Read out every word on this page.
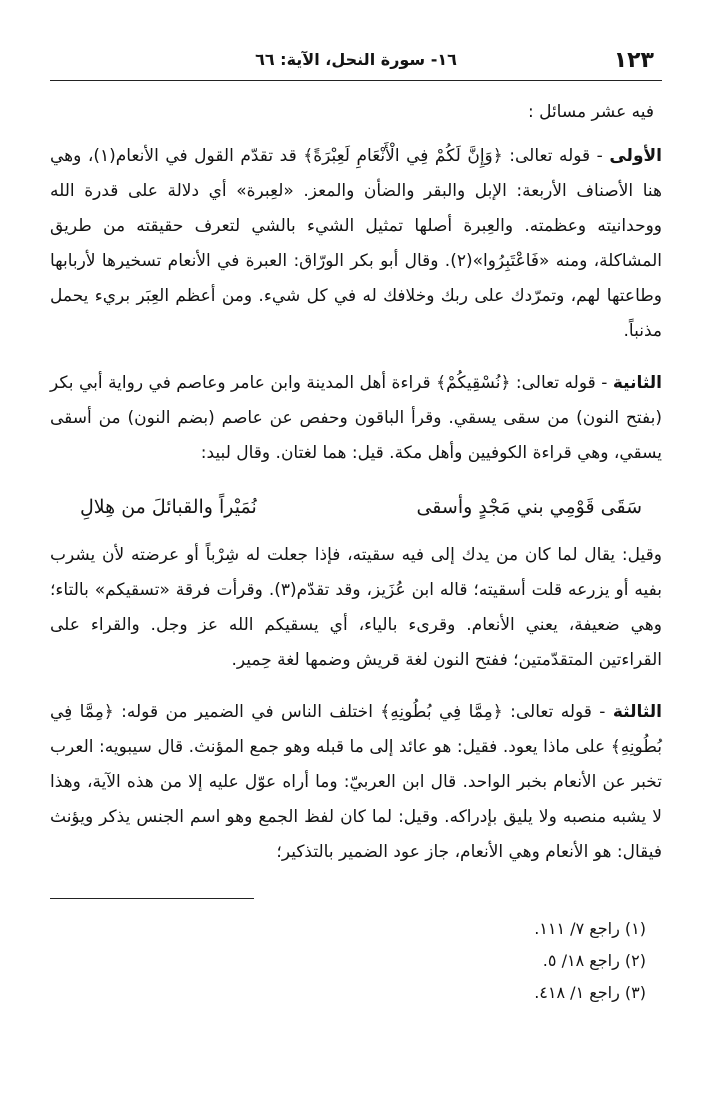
١٢٣
١٦- سورة النحل، الآية: ٦٦
فيه عشر مسائل :

الأولى - قوله تعالى: ﴿وَإِنَّ لَكُمْ فِي الْأَنْعَامِ لَعِبْرَةً﴾ قد تقدّم القول في الأنعام(١)، وهي هنا الأصناف الأربعة: الإبل والبقر والضأن والمعز. «لعِبرة» أي دلالة على قدرة الله ووحدانيته وعظمته. والعِبرة أصلها تمثيل الشيء بالشي لتعرف حقيقته من طريق المشاكلة، ومنه «فَاعْتَبِرُوا»(٢). وقال أبو بكر الورّاق: العبرة في الأنعام تسخيرها لأربابها وطاعتها لهم، وتمرّدك على ربك وخلافك له في كل شيء. ومن أعظم العِبَر بريء يحمل مذنباً.

الثانية - قوله تعالى: ﴿نُسْقِيكُمْ﴾ قراءة أهل المدينة وابن عامر وعاصم في رواية أبي بكر (بفتح النون) من سقى يسقي. وقرأ الباقون وحفص عن عاصم (بضم النون) من أسقى يسقي، وهي قراءة الكوفيين وأهل مكة. قيل: هما لغتان. وقال لبيد:

سَقَى قَوْمِي بني مَجْدٍ وأسقى
نُمَيْراً والقبائلَ من هِلالِ

وقيل: يقال لما كان من يدك إلى فيه سقيته، فإذا جعلت له شِرْباً أو عرضته لأن يشرب بفيه أو يزرعه قلت أسقيته؛ قاله ابن عُزَيز، وقد تقدّم(٣). وقرأت فرقة «تسقيكم» بالتاء؛ وهي ضعيفة، يعني الأنعام. وقرىء بالياء، أي يسقيكم الله عز وجل. والقراء على القراءتين المتقدّمتين؛ ففتح النون لغة قريش وضمها لغة حِمير.

الثالثة - قوله تعالى: ﴿مِمَّا فِي بُطُونِهِ﴾ اختلف الناس في الضمير من قوله: ﴿مِمَّا فِي بُطُونِهِ﴾ على ماذا يعود. فقيل: هو عائد إلى ما قبله وهو جمع المؤنث. قال سيبويه: العرب تخبر عن الأنعام بخبر الواحد. قال ابن العربيّ: وما أراه عوّل عليه إلا من هذه الآية، وهذا لا يشبه منصبه ولا يليق بإدراكه. وقيل: لما كان لفظ الجمع وهو اسم الجنس يذكر ويؤنث فيقال: هو الأنعام وهي الأنعام، جاز عود الضمير بالتذكير؛

(١) راجع ٧/ ١١١.
(٢) راجع ١٨/ ٥.
(٣) راجع ١/ ٤١٨.
